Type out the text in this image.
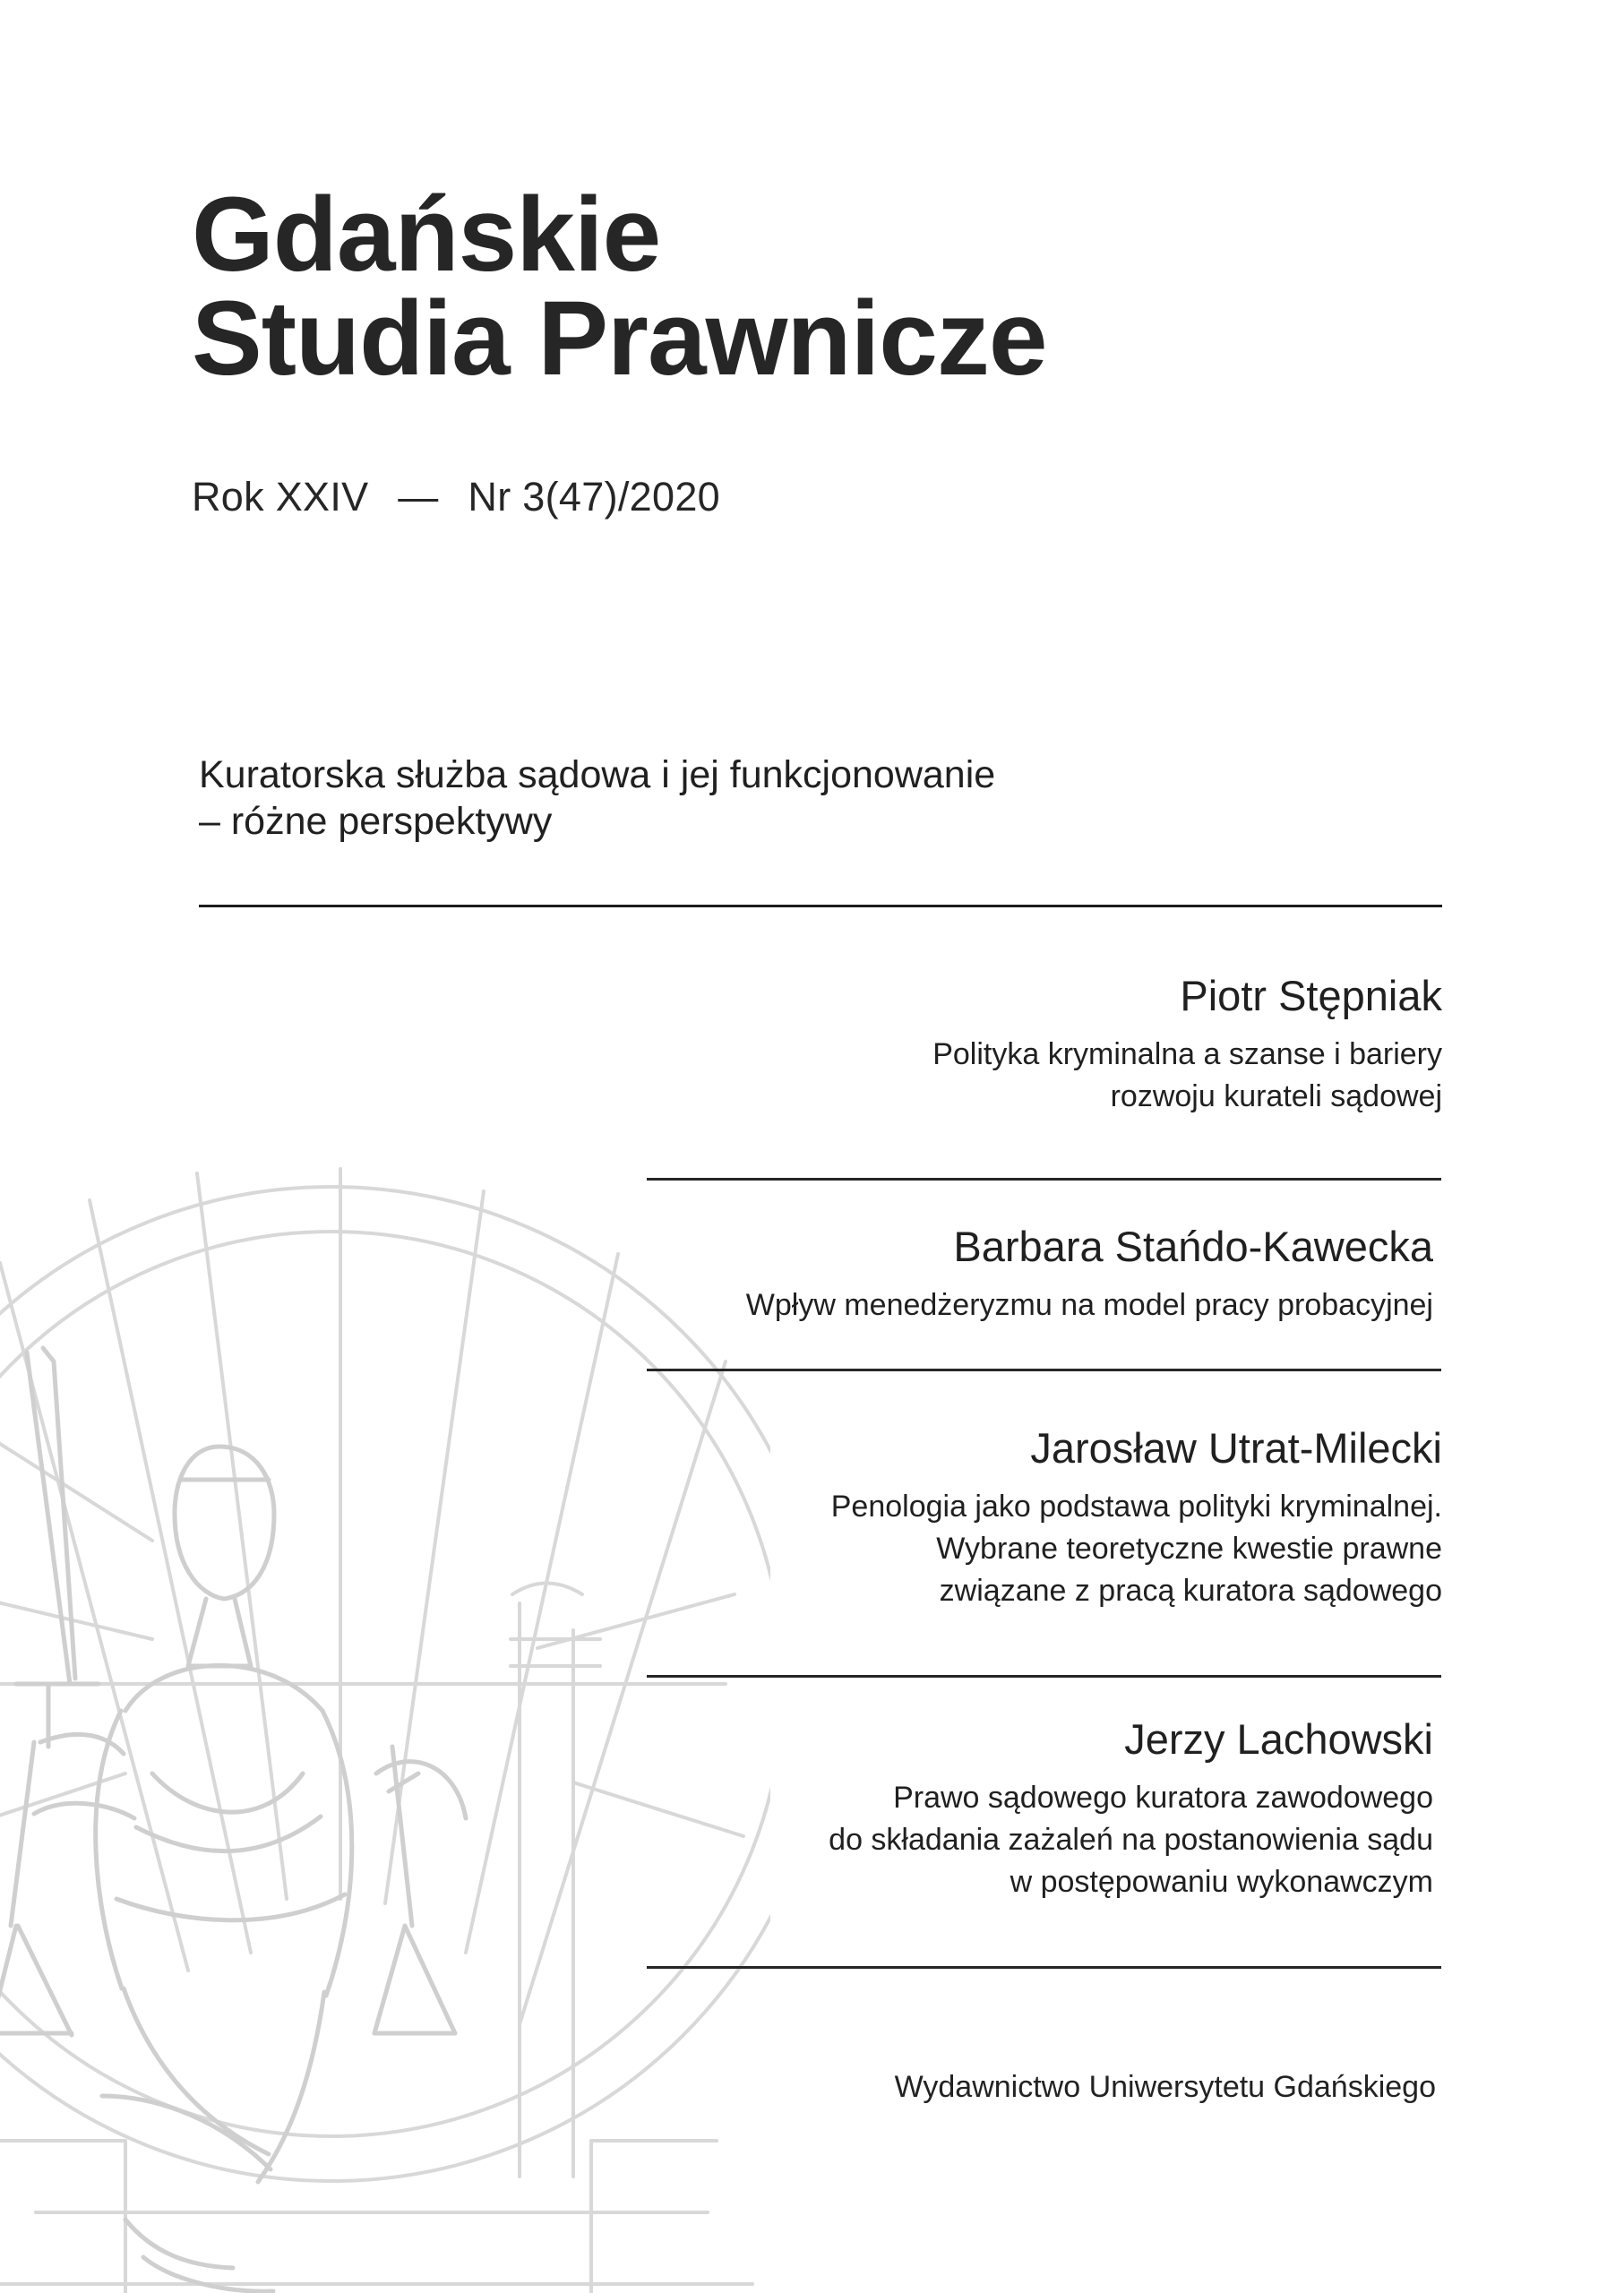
Gdańskie
Studia Prawnicze
Rok XXIV — Nr 3(47)/2020
Kuratorska służba sądowa i jej funkcjonowanie
– różne perspektywy
Piotr Stępniak
Polityka kryminalna a szanse i bariery
rozwoju kurateli sądowej
Barbara Stańdo-Kawecka
Wpływ menedżeryzmu na model pracy probacyjnej
Jarosław Utrat-Milecki
Penologia jako podstawa polityki kryminalnej.
Wybrane teoretyczne kwestie prawne
związane z pracą kuratora sądowego
Jerzy Lachowski
Prawo sądowego kuratora zawodowego
do składania zażaleń na postanowienia sądu
w postępowaniu wykonawczym
Wydawnictwo Uniwersytetu Gdańskiego
